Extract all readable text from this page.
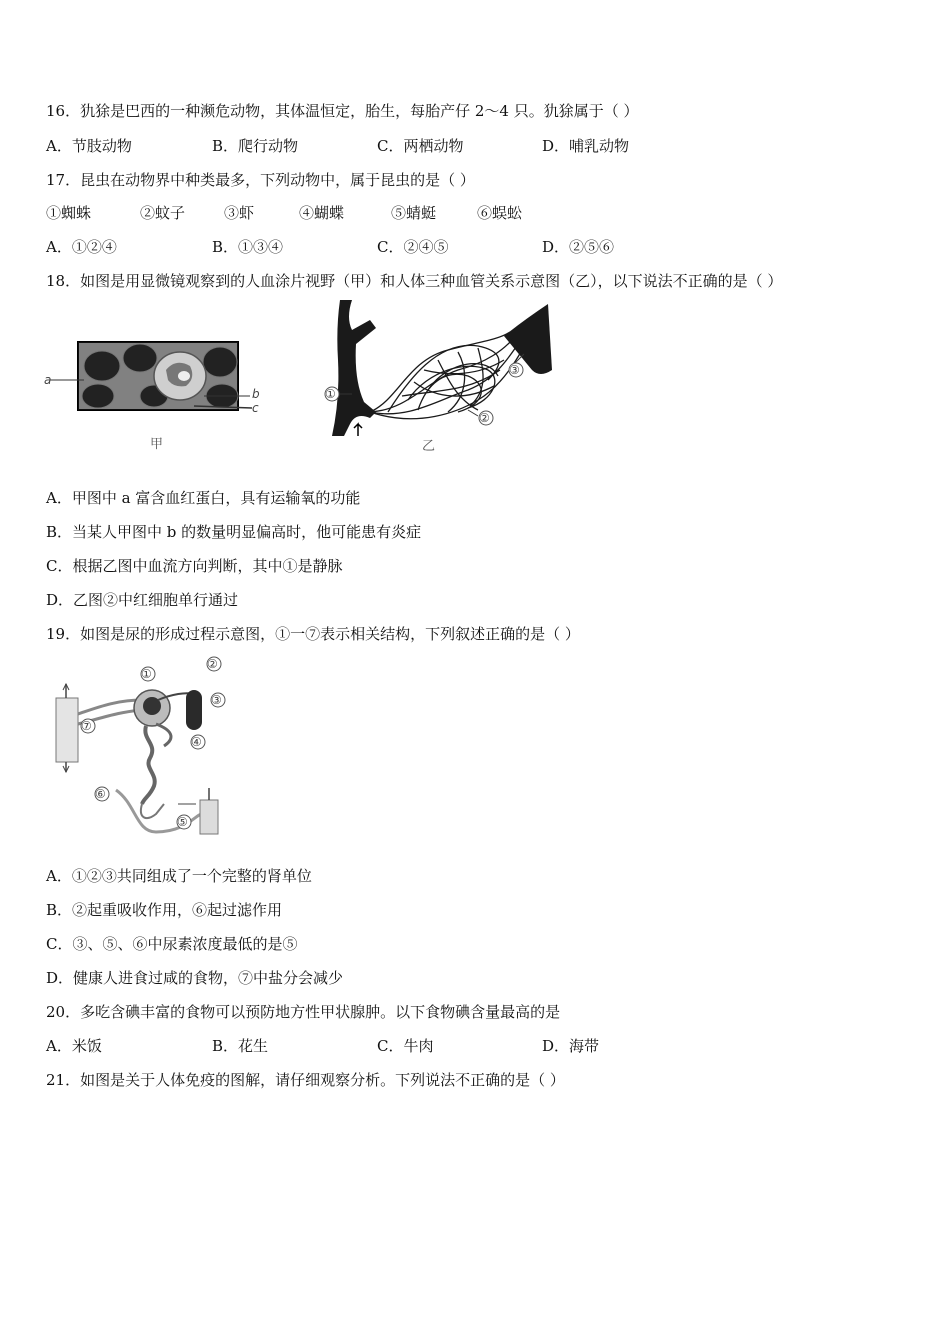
16．犰狳是巴西的一种濒危动物，其体温恒定，胎生，每胎产仔 2～4 只。犰狳属于（ ）
A．节肢动物	B．爬行动物	C．两栖动物	D．哺乳动物
17．昆虫在动物界中种类最多，下列动物中，属于昆虫的是（ ）
①蜘蛛	②蚊子	③虾	④蝴蝶	⑤蜻蜓	⑥蜈蚣
A．①②④	B．①③④	C．②④⑤	D．②⑤⑥
18．如图是用显微镜观察到的人血涂片视野（甲）和人体三种血管关系示意图（乙），以下说法不正确的是（ ）
a
b
c
甲
①
②
③
乙
A．甲图中 a 富含血红蛋白，具有运输氧的功能
B．当某人甲图中 b 的数量明显偏高时，他可能患有炎症
C．根据乙图中血流方向判断，其中①是静脉
D．乙图②中红细胞单行通过
19．如图是尿的形成过程示意图，①一⑦表示相关结构，下列叙述正确的是（ ）
①
②
③
④
⑤
⑥
⑦
A．①②③共同组成了一个完整的肾单位
B．②起重吸收作用，⑥起过滤作用
C．③、⑤、⑥中尿素浓度最低的是⑤
D．健康人进食过咸的食物，⑦中盐分会减少
20．多吃含碘丰富的食物可以预防地方性甲状腺肿。以下食物碘含量最高的是
A．米饭	B．花生	C．牛肉	D．海带
21．如图是关于人体免疫的图解，请仔细观察分析。下列说法不正确的是（ ）
